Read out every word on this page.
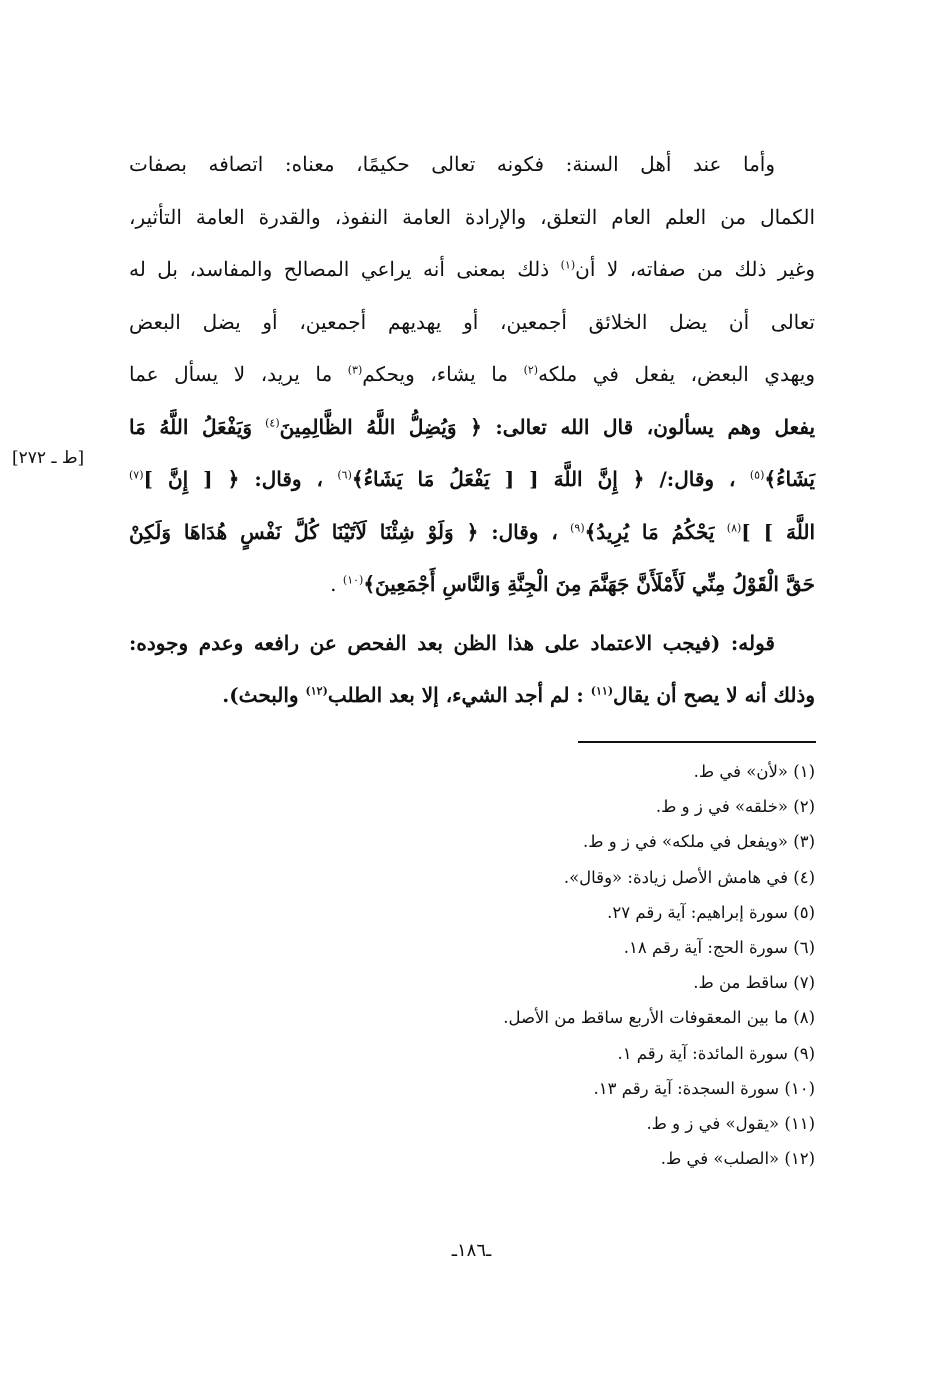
[ط ـ ٢٧٢]

وأما عند أهل السنة: فكونه تعالى حكيمًا، معناه: اتصافه بصفات
الكمال من العلم العام التعلق، والإرادة العامة النفوذ، والقدرة العامة التأثير،
وغير ذلك من صفاته، لا أن$^{(١)}$ ذلك بمعنى أنه يراعي المصالح والمفاسد، بل له
تعالى أن يضل الخلائق أجمعين، أو يهديهم أجمعين، أو يضل البعض
ويهدي البعض، يفعل في ملكه$^{(٢)}$ ما يشاء، ويحكم$^{(٣)}$ ما يريد، لا يسأل عما
يفعل وهم يسألون، قال الله تعالى: ﴿ وَيُضِلُّ اللَّهُ الظَّالِمِينَ$^{(٤)}$ وَيَفْعَلُ اللَّهُ مَا
يَشَاءُ﴾$^{(٥)}$ ، وقال:/ ﴿ إِنَّ اللَّهَ [ [ يَفْعَلُ مَا يَشَاءُ﴾$^{(٦)}$ ، وقال: ﴿ [ إِنَّ ]$^{(٧)}$
اللَّهَ ] ]$^{(٨)}$ يَحْكُمُ مَا يُرِيدُ﴾$^{(٩)}$ ، وقال: ﴿ وَلَوْ شِئْنَا لَآتَيْنَا كُلَّ نَفْسٍ هُدَاهَا وَلَكِنْ
حَقَّ الْقَوْلُ مِنِّي لَأَمْلَأَنَّ جَهَنَّمَ مِنَ الْجِنَّةِ وَالنَّاسِ أَجْمَعِينَ﴾$^{(١٠)}$ .

قوله: (فيجب الاعتماد على هذا الظن بعد الفحص عن رافعه وعدم وجوده:
وذلك أنه لا يصح أن يقال$^{(١١)}$ : لم أجد الشيء، إلا بعد الطلب$^{(١٢)}$ والبحث).

(١) «لأن» في ط.
(٢) «خلقه» في ز و ط.
(٣) «ويفعل في ملكه» في ز و ط.
(٤) في هامش الأصل زيادة: «وقال».
(٥) سورة إبراهيم: آية رقم ٢٧.
(٦) سورة الحج: آية رقم ١٨.
(٧) ساقط من ط.
(٨) ما بين المعقوفات الأربع ساقط من الأصل.
(٩) سورة المائدة: آية رقم ١.
(١٠) سورة السجدة: آية رقم ١٣.
(١١) «يقول» في ز و ط.
(١٢) «الصلب» في ط.
ـ١٨٦ـ
